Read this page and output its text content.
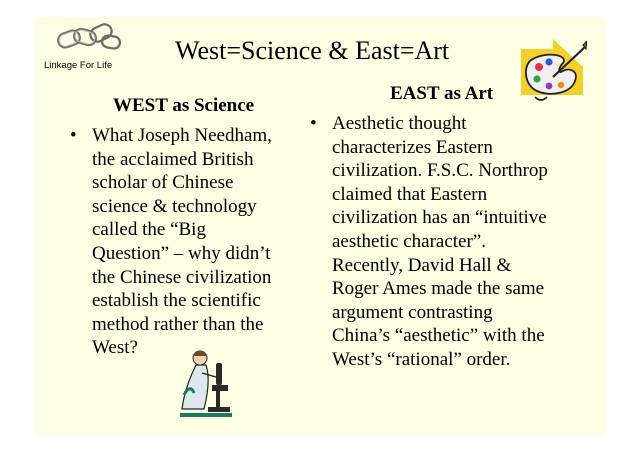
Linkage For Life
West=Science & East=Art
WEST as Science
• What Joseph Needham,
the acclaimed British
scholar of Chinese
science & technology
called the “Big
Question” – why didn’t
the Chinese civilization
establish the scientific
method rather than the
West?
EAST as Art
• Aesthetic thought
characterizes Eastern
civilization. F.S.C. Northrop
claimed that Eastern
civilization has an “intuitive
aesthetic character”.
Recently, David Hall &
Roger Ames made the same
argument contrasting
China’s “aesthetic” with the
West’s “rational” order.
